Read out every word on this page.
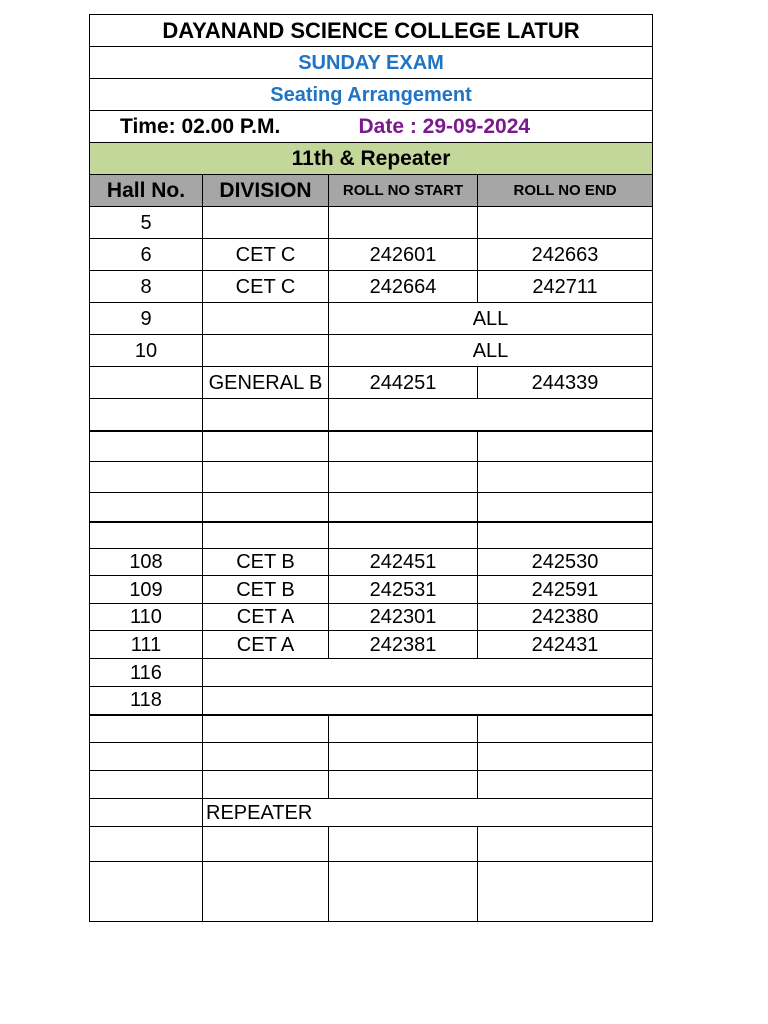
DAYANAND SCIENCE COLLEGE LATUR			
SUNDAY EXAM			
Seating Arrangement			
Time: 02.00 P.M.		Date : 29-09-2024	
11th & Repeater			
Hall No.	DIVISION	ROLL NO START	ROLL NO END
5			
6	CET C	242601	242663
8	CET C	242664	242711
9		ALL	
10		ALL	
	GENERAL B	244251	244339

108	CET B	242451	242530
109	CET B	242531	242591
110	CET A	242301	242380
111	CET A	242381	242431
116			
118			

	REPEATER		
